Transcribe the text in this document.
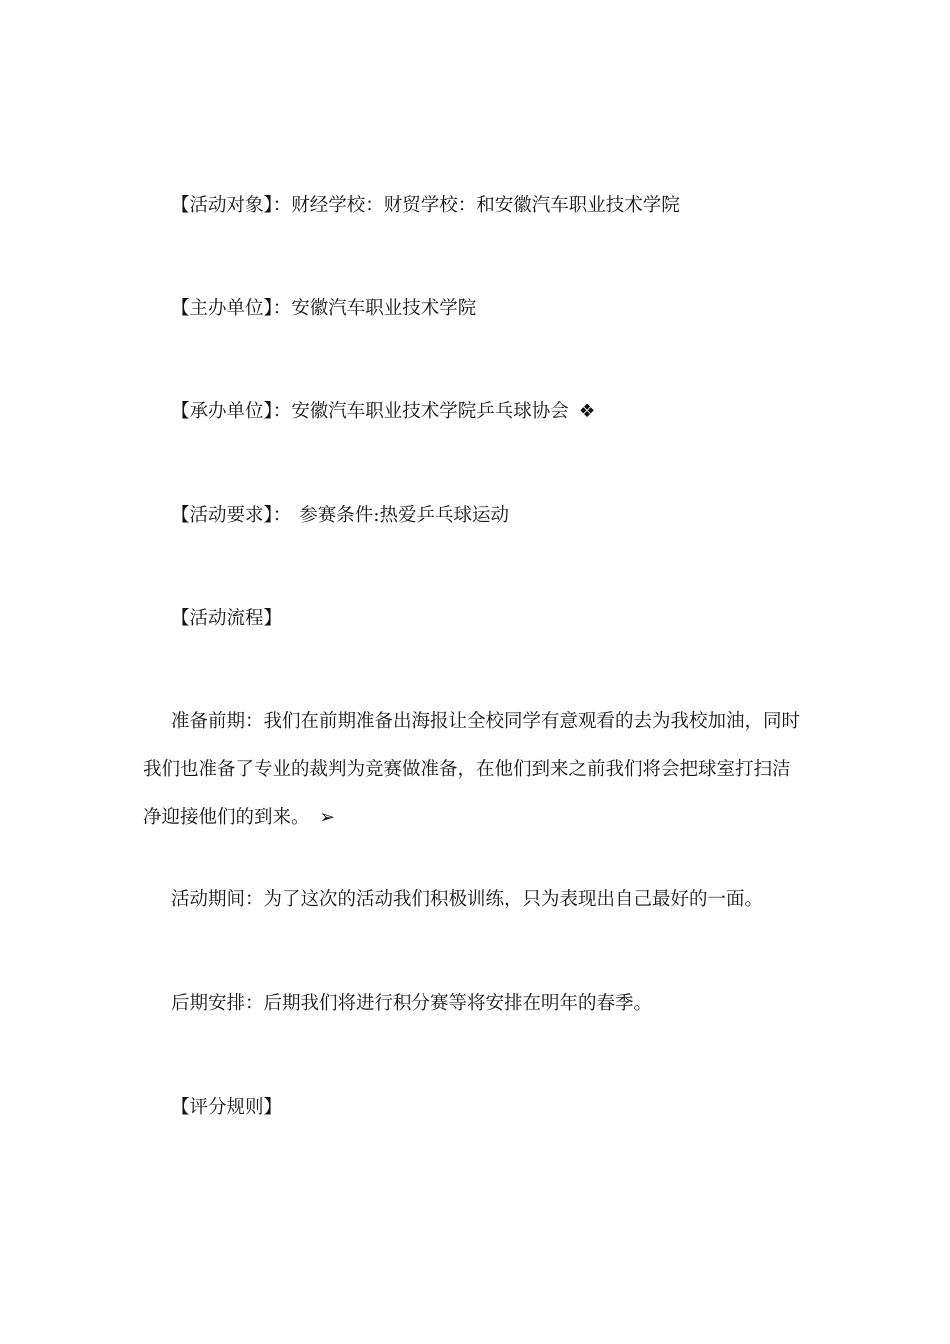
【活动对象】：财经学校：财贸学校：和安徽汽车职业技术学院
【主办单位】：安徽汽车职业技术学院
【承办单位】：安徽汽车职业技术学院乒乓球协会 ❖
【活动要求】： 参赛条件:热爱乒乓球运动
【活动流程】
准备前期：我们在前期准备出海报让全校同学有意观看的去为我校加油，同时我们也准备了专业的裁判为竞赛做准备，在他们到来之前我们将会把球室打扫洁净迎接他们的到来。 ➢
活动期间：为了这次的活动我们积极训练，只为表现出自己最好的一面。
后期安排：后期我们将进行积分赛等将安排在明年的春季。
【评分规则】
